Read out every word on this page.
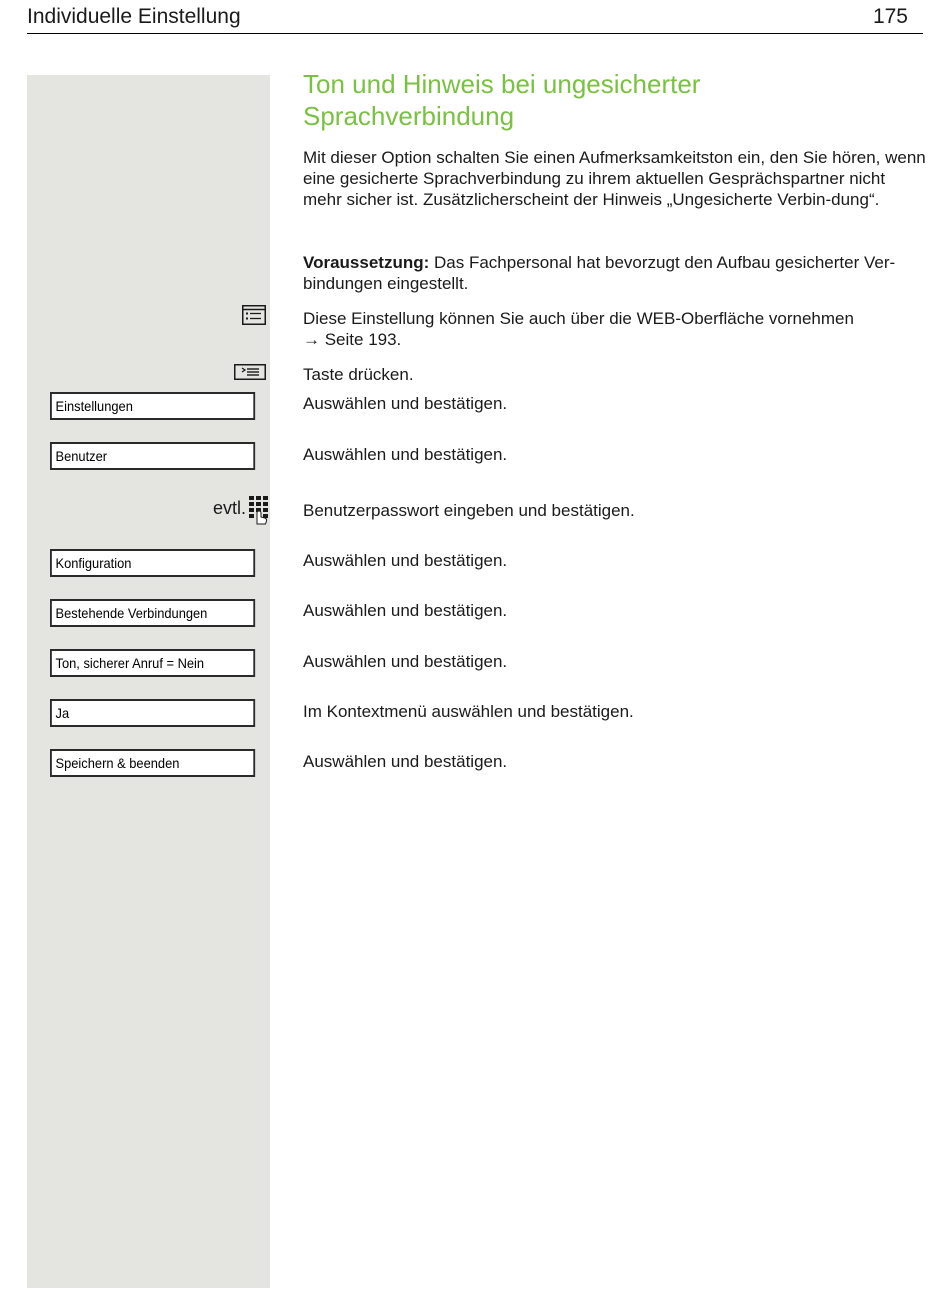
Individuelle Einstellung	175
Ton und Hinweis bei ungesicherter
Sprachverbindung
Mit dieser Option schalten Sie einen Aufmerksamkeitston ein, den Sie hören, wenn eine gesicherte Sprachverbindung zu ihrem aktuellen Gesprächspartner nicht mehr sicher ist. Zusätzlicherscheint der Hinweis „Ungesicherte Verbin-dung“.
Voraussetzung: Das Fachpersonal hat bevorzugt den Aufbau gesicherter Ver-bindungen eingestellt.
Diese Einstellung können Sie auch über die WEB-Oberfläche vornehmen
→ Seite 193.
Taste drücken.
Einstellungen	Auswählen und bestätigen.
Benutzer	Auswählen und bestätigen.
evtl.	Benutzerpasswort eingeben und bestätigen.
Konfiguration	Auswählen und bestätigen.
Bestehende Verbindungen	Auswählen und bestätigen.
Ton, sicherer Anruf = Nein	Auswählen und bestätigen.
Ja	Im Kontextmenü auswählen und bestätigen.
Speichern & beenden	Auswählen und bestätigen.
